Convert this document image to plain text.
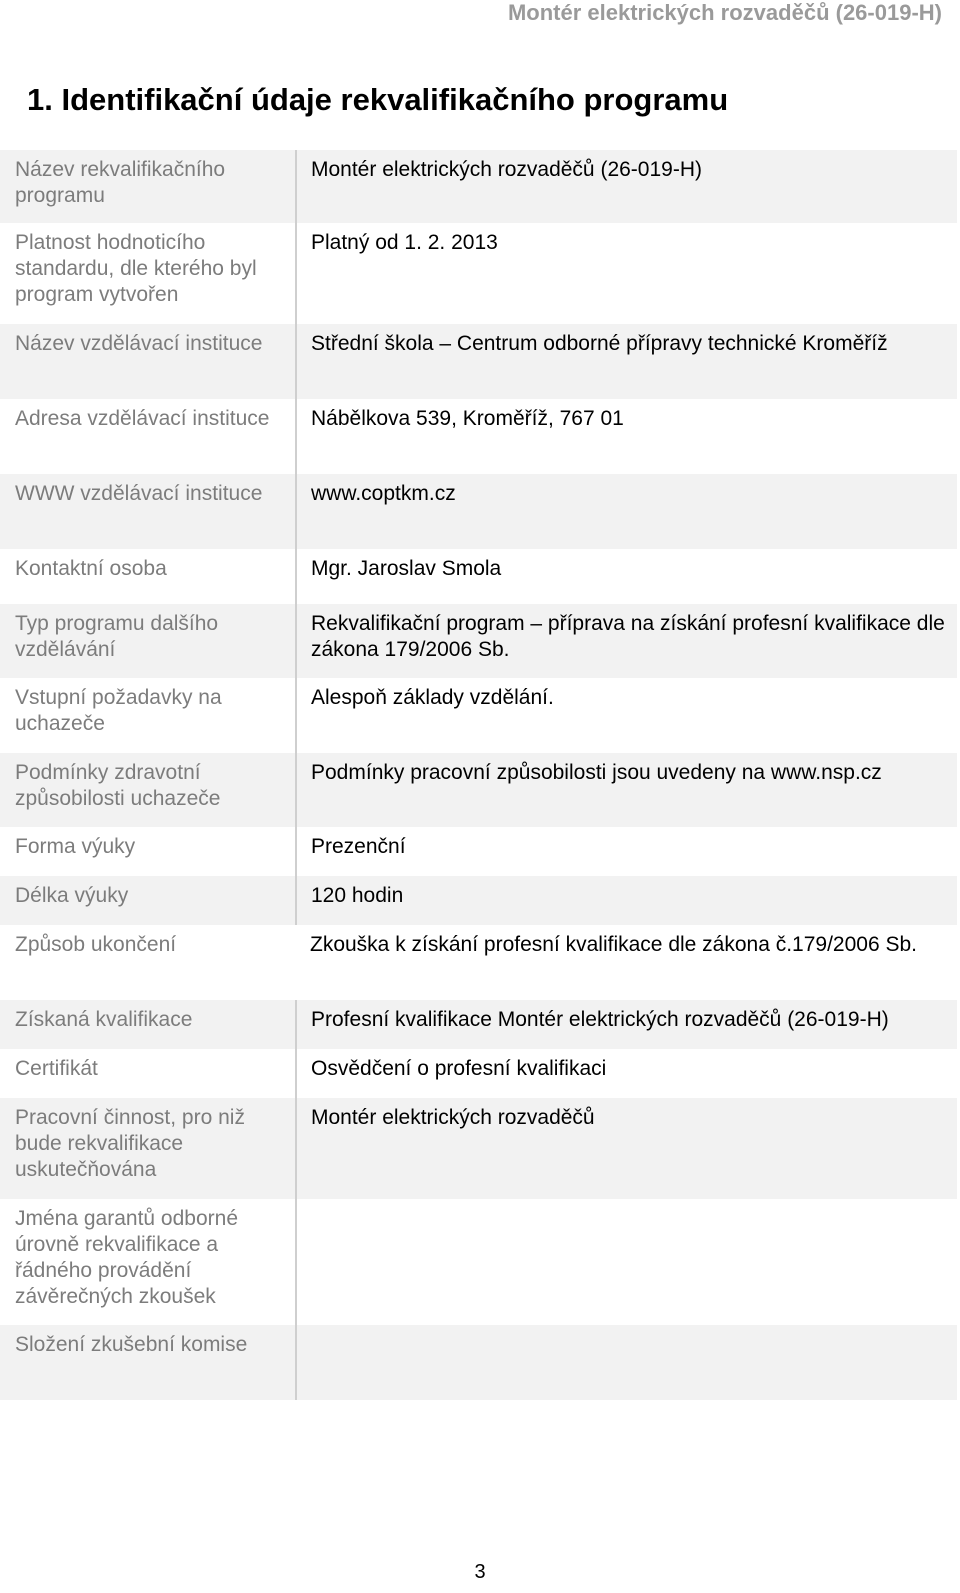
Montér elektrických rozvaděčů (26-019-H)
1. Identifikační údaje rekvalifikačního programu
Název rekvalifikačního programu	Montér elektrických rozvaděčů (26-019-H)
Platnost hodnoticího standardu, dle kterého byl program vytvořen	Platný od 1. 2. 2013
Název vzdělávací instituce	Střední škola – Centrum odborné přípravy technické Kroměříž
Adresa vzdělávací instituce	Nábělkova 539, Kroměříž, 767 01
WWW vzdělávací instituce	www.coptkm.cz
Kontaktní osoba	Mgr. Jaroslav Smola
Typ programu dalšího vzdělávání	Rekvalifikační program – příprava na získání profesní kvalifikace dle zákona 179/2006 Sb.
Vstupní požadavky na uchazeče	Alespoň základy vzdělání.
Podmínky zdravotní způsobilosti uchazeče	Podmínky pracovní způsobilosti jsou uvedeny na www.nsp.cz
Forma výuky	Prezenční
Délka výuky	120 hodin
Způsob ukončení	Zkouška k získání profesní kvalifikace dle zákona č.179/2006 Sb.
Získaná kvalifikace	Profesní kvalifikace Montér elektrických rozvaděčů (26-019-H)
Certifikát	Osvědčení o profesní kvalifikaci
Pracovní činnost, pro niž bude rekvalifikace uskutečňována	Montér elektrických rozvaděčů
Jména garantů odborné úrovně rekvalifikace a řádného provádění závěrečných zkoušek	
Složení zkušební komise	
3
